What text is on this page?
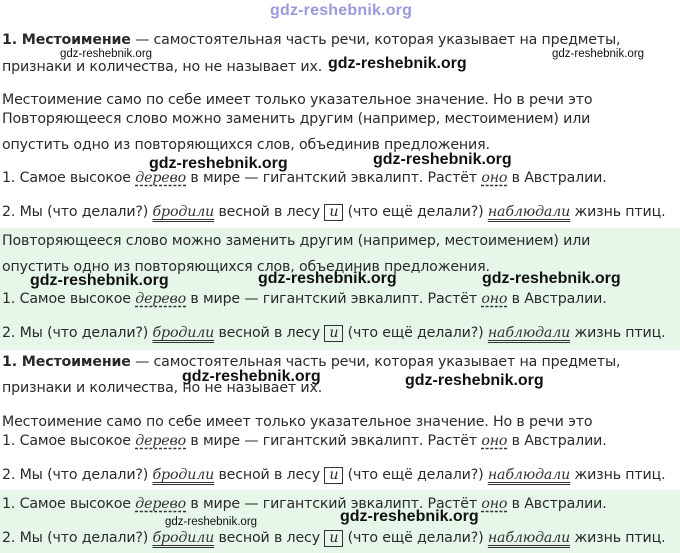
gdz-reshebnik.org
1. Местоимение — самостоятельная часть речи, которая указывает на предметы,
признаки и количества, но не называет их.
Местоимение само по себе имеет только указательное значение. Но в речи это
Повторяющееся слово можно заменить другим (например, местоимением) или
опустить одно из повторяющихся слов, объединив предложения.
1. Самое высокое дерево в мире — гигантский эвкалипт. Растёт оно в Австралии.
2. Мы (что делали?) бродили весной в лесу и (что ещё делали?) наблюдали жизнь птиц.
Повторяющееся слово можно заменить другим (например, местоимением) или
опустить одно из повторяющихся слов, объединив предложения.
1. Самое высокое дерево в мире — гигантский эвкалипт. Растёт оно в Австралии.
2. Мы (что делали?) бродили весной в лесу и (что ещё делали?) наблюдали жизнь птиц.
1. Местоимение — самостоятельная часть речи, которая указывает на предметы,
признаки и количества, но не называет их.
Местоимение само по себе имеет только указательное значение. Но в речи это
1. Самое высокое дерево в мире — гигантский эвкалипт. Растёт оно в Австралии.
2. Мы (что делали?) бродили весной в лесу и (что ещё делали?) наблюдали жизнь птиц.
1. Самое высокое дерево в мире — гигантский эвкалипт. Растёт оно в Австралии.
2. Мы (что делали?) бродили весной в лесу и (что ещё делали?) наблюдали жизнь птиц.
gdz-reshebnik.org	gdz-reshebnik.org
gdz-reshebnik.org
gdz-reshebnik.org	gdz-reshebnik.org
gdz-reshebnik.org	gdz-reshebnik.org	gdz-reshebnik.org
gdz-reshebnik.org	gdz-reshebnik.org
gdz-reshebnik.org
gdz-reshebnik.org
